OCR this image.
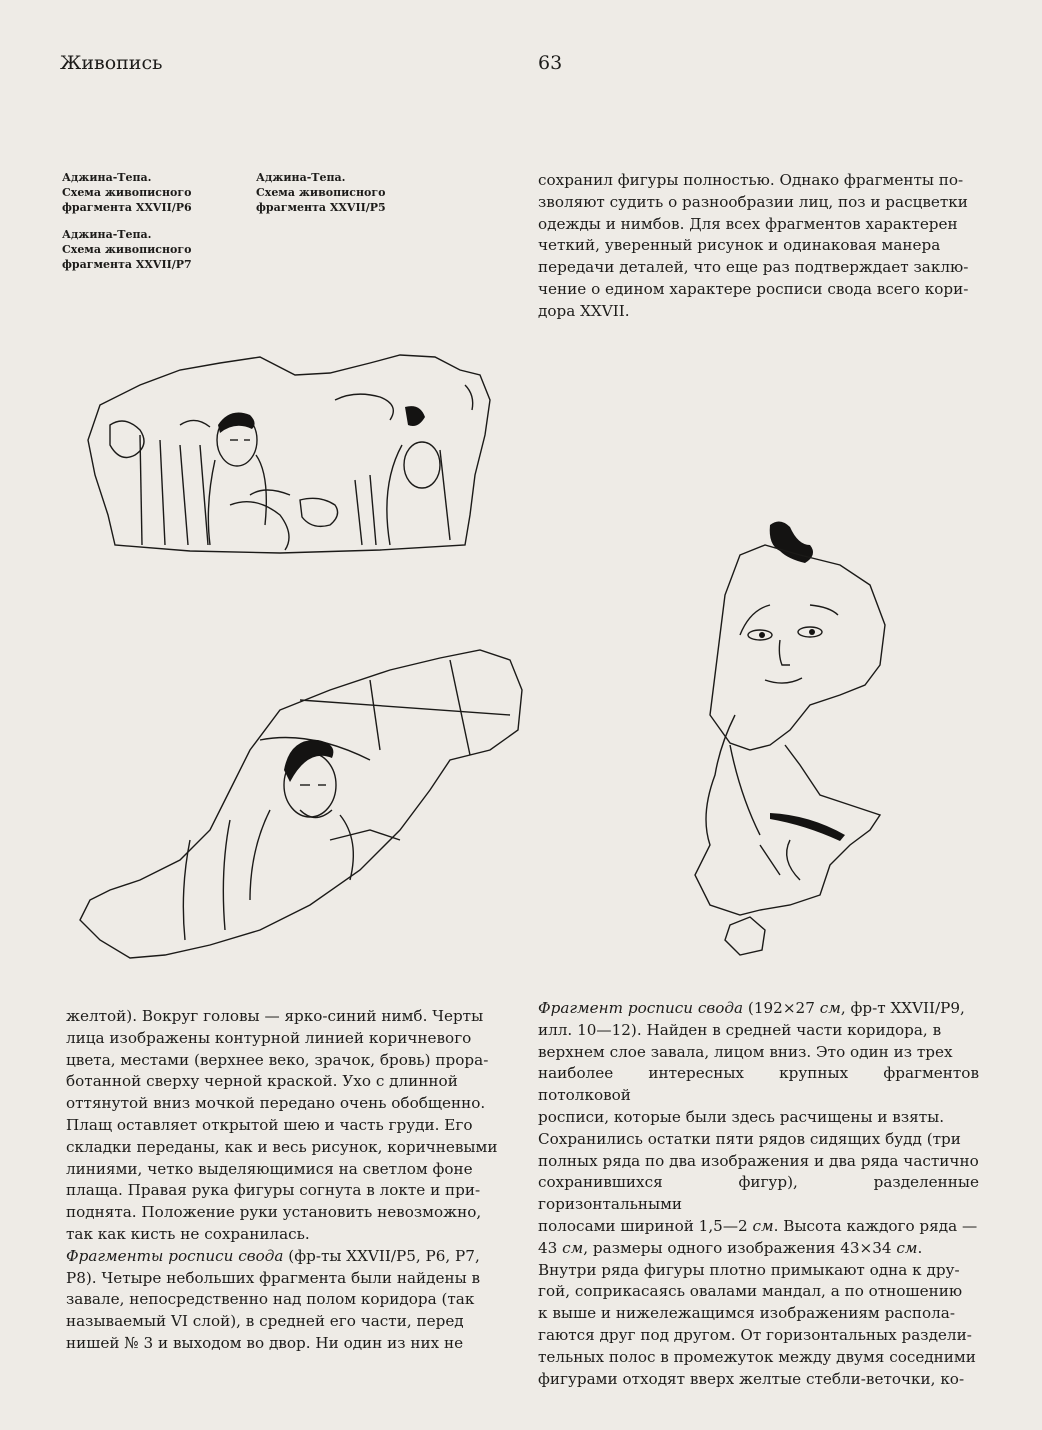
Живопись	63
Аджина-Тепа.
Схема живописного
фрагмента XXVII/P6
Аджина-Тепа.
Схема живописного
фрагмента XXVII/P5
Аджина-Тепа.
Схема живописного
фрагмента XXVII/P7

сохранил фигуры полностью. Однако фрагменты по-

зволяют судить о разнообразии лиц, поз и расцветки

одежды и нимбов. Для всех фрагментов характерен

четкий, уверенный рисунок и одинаковая манера

передачи деталей, что еще раз подтверждает заклю-

чение о едином характере росписи свода всего кори-

дора XXVII.

желтой). Вокруг головы — ярко-синий нимб. Черты

лица изображены контурной линией коричневого

цвета, местами (верхнее веко, зрачок, бровь) прора-

ботанной сверху черной краской. Ухо с длинной

оттянутой вниз мочкой передано очень обобщенно.

Плащ оставляет открытой шею и часть груди. Его

складки переданы, как и весь рисунок, коричневыми

линиями, четко выделяющимися на светлом фоне

плаща. Правая рука фигуры согнута в локте и при-

поднята. Положение руки установить невозможно,

так как кисть не сохранилась.

Фрагменты росписи свода (фр-ты XXVII/P5, P6, P7,

P8). Четыре небольших фрагмента были найдены в

завале, непосредственно над полом коридора (так

называемый VI слой), в средней его части, перед

нишей № 3 и выходом во двор. Ни один из них не

Фрагмент росписи свода (192×27 см, фр-т XXVII/P9,

илл. 10—12). Найден в средней части коридора, в

верхнем слое завала, лицом вниз. Это один из трех

наиболее интересных крупных фрагментов потолковой

росписи, которые были здесь расчищены и взяты.

Сохранились остатки пяти рядов сидящих будд (три

полных ряда по два изображения и два ряда частично

сохранившихся фигур), разделенные горизонтальными

полосами шириной 1,5—2 см. Высота каждого ряда —

43 см, размеры одного изображения 43×34 см.

Внутри ряда фигуры плотно примыкают одна к дру-

гой, соприкасаясь овалами мандал, а по отношению

к выше и нижележащимся изображениям распола-

гаются друг под другом. От горизонтальных раздели-

тельных полос в промежуток между двумя соседними

фигурами отходят вверх желтые стебли-веточки, ко-
